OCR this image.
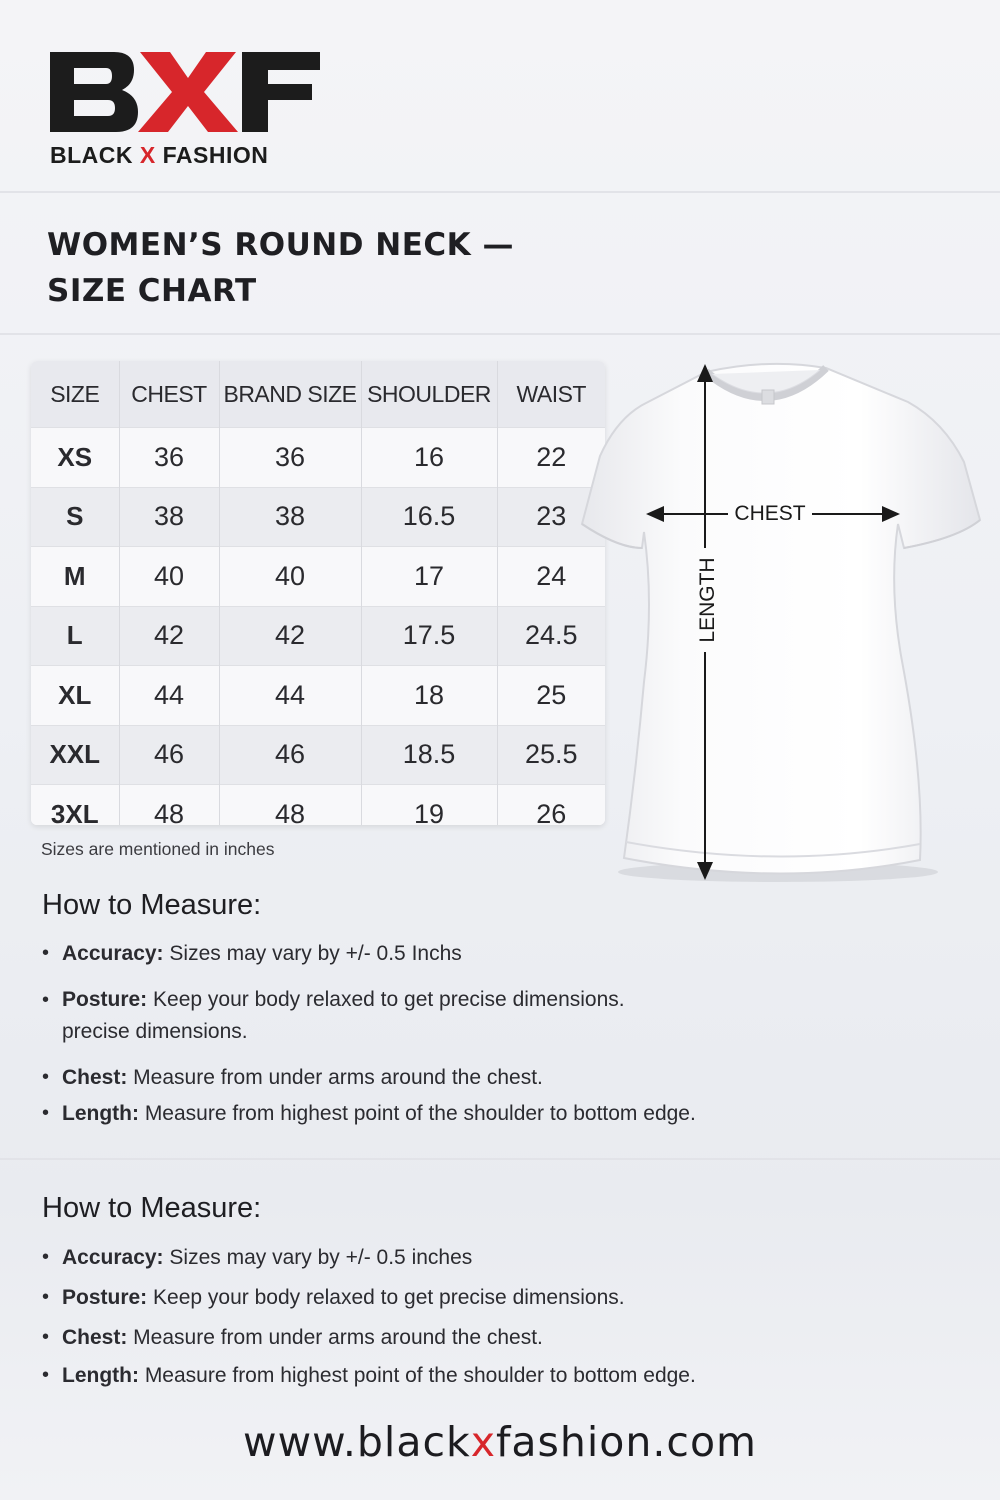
BLACK X FASHION
WOMEN’S ROUND NECK —
SIZE CHART
SIZE	CHEST	BRAND SIZE	SHOULDER	WAIST
XS	36	36	16	22
S	38	38	16.5	23
M	40	40	17	24
L	42	42	17.5	24.5
XL	44	44	18	25
XXL	46	46	18.5	25.5
3XL	48	48	19	26
Sizes are mentioned in inches
CHEST
LENGTH
How to Measure:
• Accuracy: Sizes may vary by +/- 0.5 Inchs
• Posture: Keep your body relaxed to get precise dimensions.
precise dimensions.
• Chest: Measure from under arms around the chest.
• Length: Measure from highest point of the shoulder to bottom edge.
How to Measure:
• Accuracy: Sizes may vary by +/- 0.5 inches
• Posture: Keep your body relaxed to get precise dimensions.
• Chest: Measure from under arms around the chest.
• Length: Measure from highest point of the shoulder to bottom edge.
www.blackxfashion.com
